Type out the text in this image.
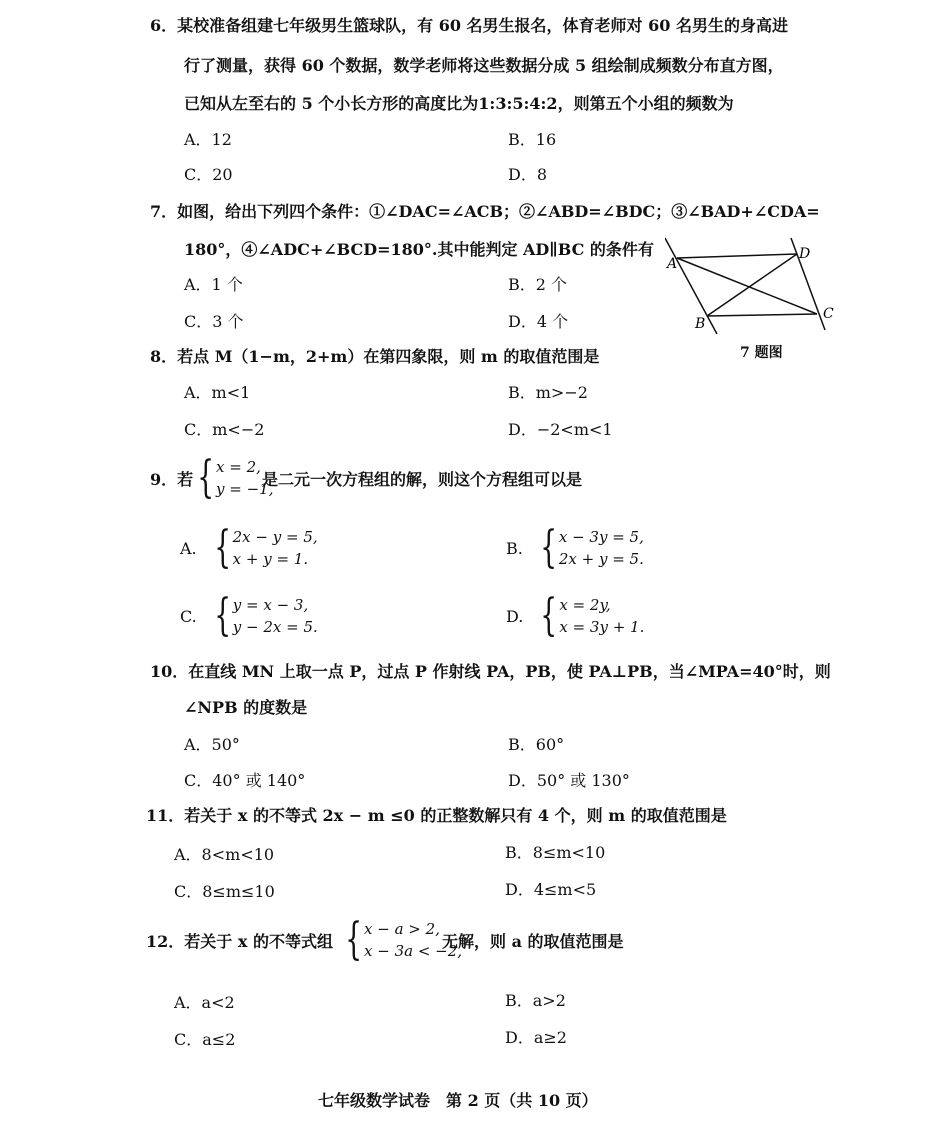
6．某校准备组建七年级男生篮球队，有 60 名男生报名，体育老师对 60 名男生的身高进
行了测量，获得 60 个数据，数学老师将这些数据分成 5 组绘制成频数分布直方图，
已知从左至右的 5 个小长方形的高度比为1:3:5:4:2，则第五个小组的频数为
A．12	B．16
C．20	D．8
7．如图，给出下列四个条件：①∠DAC=∠ACB；②∠ABD=∠BDC；③∠BAD+∠CDA=
180°，④∠ADC+∠BCD=180°.其中能判定 AD∥BC 的条件有
A．1 个	B．2 个
C．3 个	D．4 个
A
D
B
C
7 题图
8．若点 M（1−m，2+m）在第四象限，则 m 的取值范围是
A．m<1	B．m>−2
C．m<−2	D．−2<m<1
9．若 { x = 2,
y = −1,
是二元一次方程组的解，则这个方程组可以是
A. { 2x − y = 5,
x + y = 1.
B. { x − 3y = 5,
2x + y = 5.
C. { y = x − 3,
y − 2x = 5.
D. { x = 2y,
x = 3y + 1.
10．在直线 MN 上取一点 P，过点 P 作射线 PA，PB，使 PA⊥PB，当∠MPA=40°时，则
∠NPB 的度数是
A．50°	B．60°
C．40° 或 140°	D．50° 或 130°
11．若关于 x 的不等式 2x − m ≤0 的正整数解只有 4 个，则 m 的取值范围是
A．8<m<10	B．8≤m<10
C．8≤m≤10	D．4≤m<5
12．若关于 x 的不等式组 { x − a > 2,
x − 3a < −2,
无解，则 a 的取值范围是
A．a<2	B．a>2
C．a≤2	D．a≥2
七年级数学试卷　第 2 页（共 10 页）
